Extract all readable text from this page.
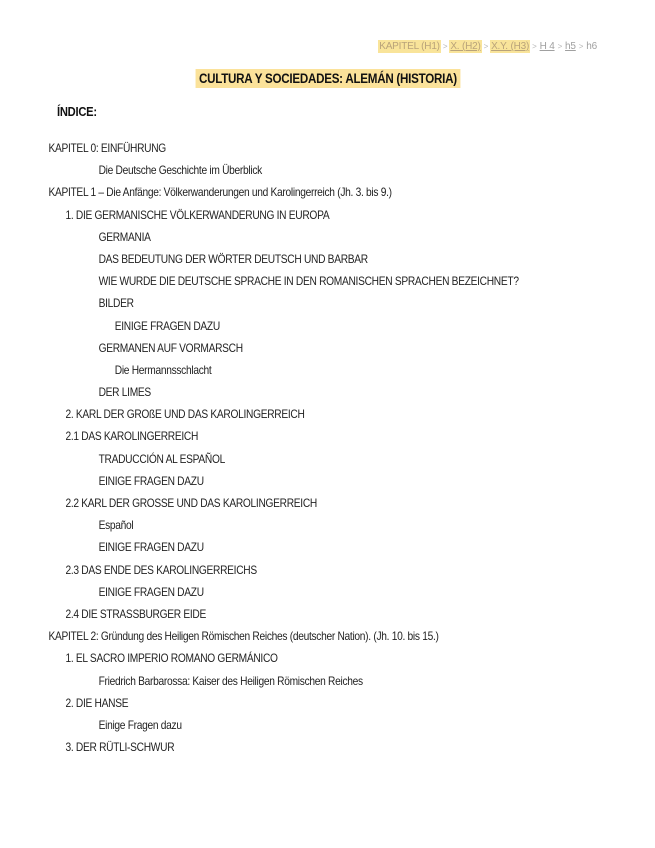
KAPITEL (H1) > X. (H2) > X.Y. (H3) > H 4 > h5 > h6
CULTURA Y SOCIEDADES: ALEMÁN (HISTORIA)
ÍNDICE:
KAPITEL 0: EINFÜHRUNG
Die Deutsche Geschichte im Überblick
KAPITEL 1 – Die Anfänge: Völkerwanderungen und Karolingerreich (Jh. 3. bis 9.)
1. DIE GERMANISCHE VÖLKERWANDERUNG IN EUROPA
GERMANIA
DAS BEDEUTUNG DER WÖRTER DEUTSCH UND BARBAR
WIE WURDE DIE DEUTSCHE SPRACHE IN DEN ROMANISCHEN SPRACHEN BEZEICHNET?
BILDER
EINIGE FRAGEN DAZU
GERMANEN AUF VORMARSCH
Die Hermannsschlacht
DER LIMES
2. KARL DER GROßE UND DAS KAROLINGERREICH
2.1 DAS KAROLINGERREICH
TRADUCCIÓN AL ESPAÑOL
EINIGE FRAGEN DAZU
2.2 KARL DER GROSSE UND DAS KAROLINGERREICH
Español
EINIGE FRAGEN DAZU
2.3 DAS ENDE DES KAROLINGERREICHS
EINIGE FRAGEN DAZU
2.4 DIE STRASSBURGER EIDE
KAPITEL 2: Gründung des Heiligen Römischen Reiches (deutscher Nation). (Jh. 10. bis 15.)
1. EL SACRO IMPERIO ROMANO GERMÁNICO
Friedrich Barbarossa: Kaiser des Heiligen Römischen Reiches
2. DIE HANSE
Einige Fragen dazu
3. DER RÜTLI-SCHWUR
